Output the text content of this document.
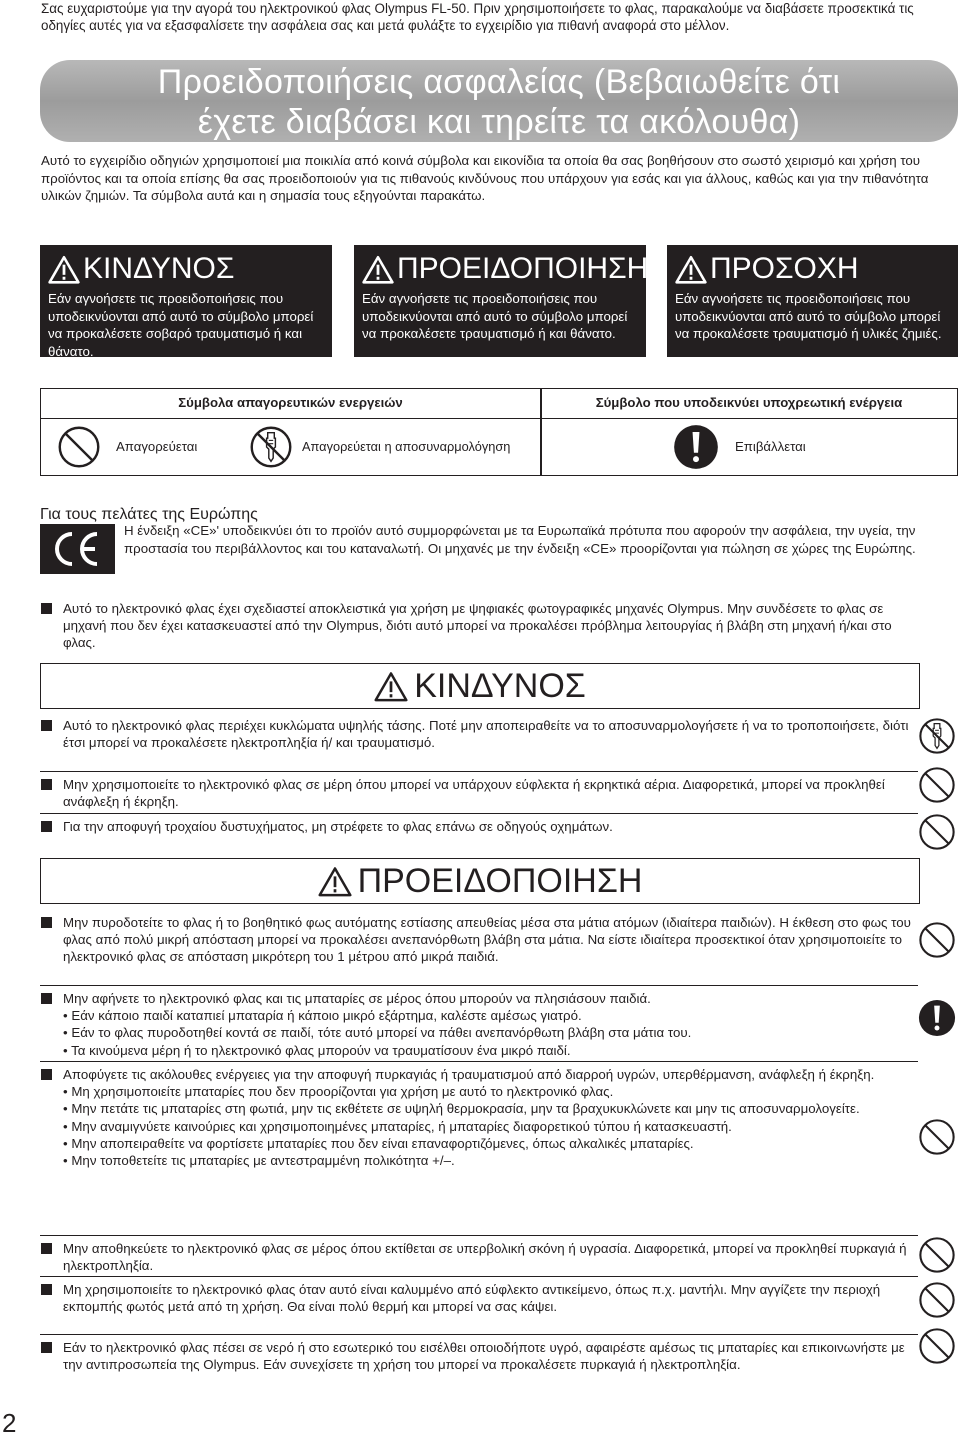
Σας ευχαριστούμε για την αγορά του ηλεκτρονικού φλας Olympus FL-50. Πριν χρησιμοποιήσετε το φλας, παρακαλούμε να διαβάσετε προσεκτικά τις οδηγίες αυτές για να εξασφαλίσετε την ασφάλεια σας και μετά φυλάξτε το εγχειρίδιο για πιθανή αναφορά στο μέλλον.
Προειδοποιήσεις ασφαλείας (Βεβαιωθείτε ότι
έχετε διαβάσει και τηρείτε τα ακόλουθα)
Αυτό το εγχειρίδιο οδηγιών χρησιμοποιεί μια ποικιλία από κοινά σύμβολα και εικονίδια τα οποία θα σας βοηθήσουν στο σωστό χειρισμό και χρήση του προϊόντος και τα οποία επίσης θα σας προειδοποιούν για τις πιθανούς κινδύνους που υπάρχουν για εσάς και για άλλους, καθώς και για την πιθανότητα υλικών ζημιών. Τα σύμβολα αυτά και η σημασία τους εξηγούνται παρακάτω.
ΚΙΝΔΥΝΟΣ
Εάν αγνοήσετε τις προειδοποιήσεις που υποδεικνύονται από αυτό το σύμβολο μπορεί να προκαλέσετε σοβαρό τραυματισμό ή και θάνατο.
ΠΡΟΕΙΔΟΠΟΙΗΣΗ
Εάν αγνοήσετε τις προειδοποιήσεις που υποδεικνύονται από αυτό το σύμβολο μπορεί να προκαλέσετε τραυματισμό ή και θάνατο.
ΠΡΟΣΟΧΗ
Εάν αγνοήσετε τις προειδοποιήσεις που υποδεικνύονται από αυτό το σύμβολο μπορεί να προκαλέσετε τραυματισμό ή υλικές ζημιές.
Σύμβολα απαγορευτικών ενεργειών	Σύμβολο που υποδεικνύει υποχρεωτική ενέργεια
Απαγορεύεται	Απαγορεύεται η αποσυναρμολόγηση	Επιβάλλεται
Για τους πελάτες της Ευρώπης
Η ένδειξη «CE»' υποδεικνύει ότι το προϊόν αυτό συμμορφώνεται με τα Ευρωπαϊκά πρότυπα που αφορούν την ασφάλεια, την υγεία, την προστασία του περιβάλλοντος και του καταναλωτή. Οι μηχανές με την ένδειξη «CE» προορίζονται για πώληση σε χώρες της Ευρώπης.
Αυτό το ηλεκτρονικό φλας έχει σχεδιαστεί αποκλειστικά για χρήση με ψηφιακές φωτογραφικές μηχανές Olympus. Μην συνδέσετε το φλας σε μηχανή που δεν έχει κατασκευαστεί από την Olympus, διότι αυτό μπορεί να προκαλέσει πρόβλημα λειτουργίας ή βλάβη στη μηχανή ή/και στο φλας.
ΚΙΝΔΥΝΟΣ
Αυτό το ηλεκτρονικό φλας περιέχει κυκλώματα υψηλής τάσης. Ποτέ μην αποπειραθείτε να το αποσυναρμολογήσετε ή να το τροποποιήσετε, διότι έτσι μπορεί να προκαλέσετε ηλεκτροπληξία ή/ και τραυματισμό.
Μην χρησιμοποιείτε το ηλεκτρονικό φλας σε μέρη όπου μπορεί να υπάρχουν εύφλεκτα ή εκρηκτικά αέρια. Διαφορετικά, μπορεί να προκληθεί ανάφλεξη ή έκρηξη.
Για την αποφυγή τροχαίου δυστυχήματος, μη στρέφετε το φλας επάνω σε οδηγούς οχημάτων.
ΠΡΟΕΙΔΟΠΟΙΗΣΗ
Μην πυροδοτείτε το φλας ή το βοηθητικό φως αυτόματης εστίασης απευθείας μέσα στα μάτια ατόμων (ιδιαίτερα παιδιών). Η έκθεση στο φως του φλας από πολύ μικρή απόσταση μπορεί να προκαλέσει ανεπανόρθωτη βλάβη στα μάτια. Να είστε ιδιαίτερα προσεκτικοί όταν χρησιμοποιείτε το ηλεκτρονικό φλας σε απόσταση μικρότερη του 1 μέτρου από μικρά παιδιά.
Μην αφήνετε το ηλεκτρονικό φλας και τις μπαταρίες σε μέρος όπου μπορούν να πλησιάσουν παιδιά.
• Εάν κάποιο παιδί καταπιεί μπαταρία ή κάποιο μικρό εξάρτημα, καλέστε αμέσως γιατρό.
• Εάν το φλας πυροδοτηθεί κοντά σε παιδί, τότε αυτό μπορεί να πάθει ανεπανόρθωτη βλάβη στα μάτια του.
• Τα κινούμενα μέρη ή το ηλεκτρονικό φλας μπορούν να τραυματίσουν ένα μικρό παιδί.
Αποφύγετε τις ακόλουθες ενέργειες για την αποφυγή πυρκαγιάς ή τραυματισμού από διαρροή υγρών, υπερθέρμανση, ανάφλεξη ή έκρηξη.
• Μη χρησιμοποιείτε μπαταρίες που δεν προορίζονται για χρήση με αυτό το ηλεκτρονικό φλας.
• Μην πετάτε τις μπαταρίες στη φωτιά, μην τις εκθέτετε σε υψηλή θερμοκρασία, μην τα βραχυκυκλώνετε και μην τις αποσυναρμολογείτε.
• Μην αναμιγνύετε καινούριες και χρησιμοποιημένες μπαταρίες, ή μπαταρίες διαφορετικού τύπου ή κατασκευαστή.
• Μην αποπειραθείτε να φορτίσετε μπαταρίες που δεν είναι επαναφορτιζόμενες, όπως αλκαλικές μπαταρίες.
• Μην τοποθετείτε τις μπαταρίες με αντεστραμμένη πολικότητα +/–.
Μην αποθηκεύετε το ηλεκτρονικό φλας σε μέρος όπου εκτίθεται σε υπερβολική σκόνη ή υγρασία. Διαφορετικά, μπορεί να προκληθεί πυρκαγιά ή ηλεκτροπληξία.
Μη χρησιμοποιείτε το ηλεκτρονικό φλας όταν αυτό είναι καλυμμένο από εύφλεκτο αντικείμενο, όπως π.χ. μαντήλι. Μην αγγίζετε την περιοχή εκπομπής φωτός μετά από τη χρήση. Θα είναι πολύ θερμή και μπορεί να σας κάψει.
Εάν το ηλεκτρονικό φλας πέσει σε νερό ή στο εσωτερικό του εισέλθει οποιοδήποτε υγρό, αφαιρέστε αμέσως τις μπαταρίες και επικοινωνήστε με την αντιπροσωπεία της Olympus. Εάν συνεχίσετε τη χρήση του μπορεί να προκαλέσετε πυρκαγιά ή ηλεκτροπληξία.
2
